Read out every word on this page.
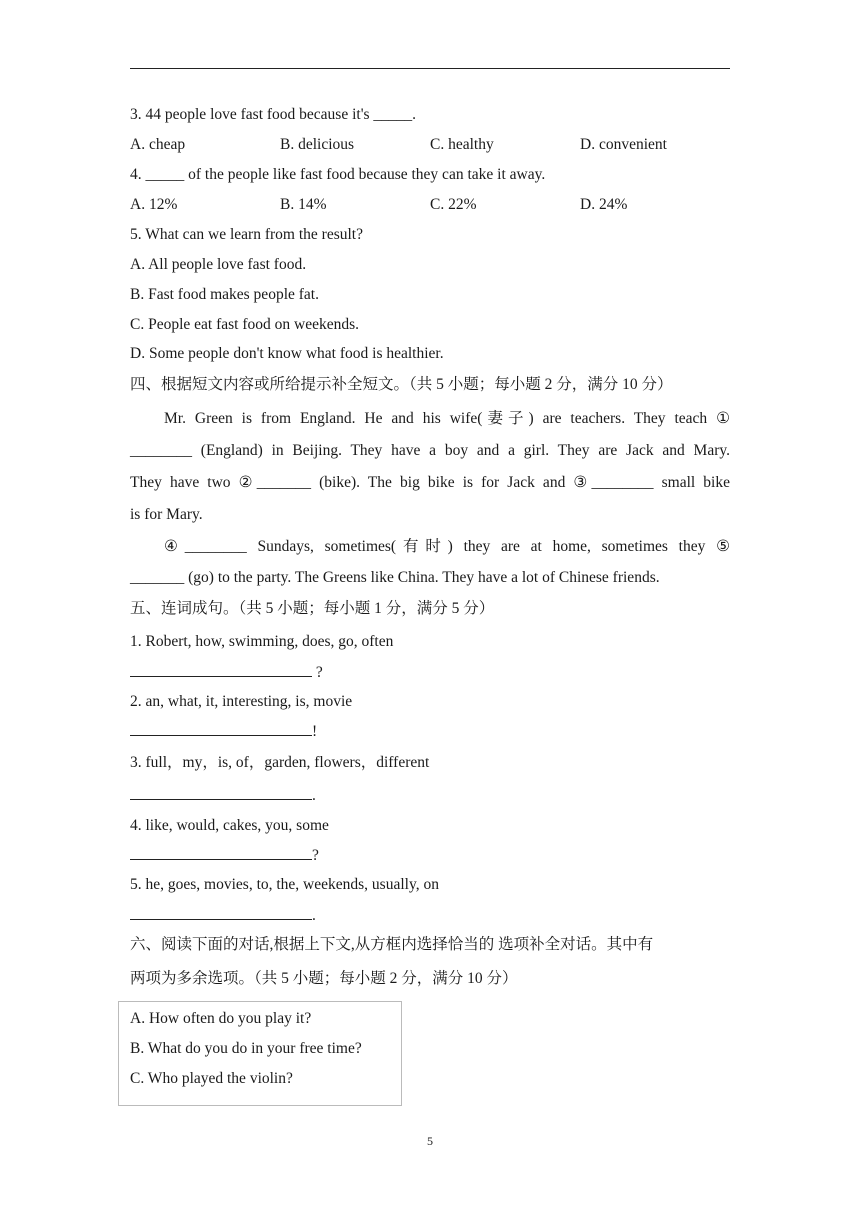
3. 44 people love fast food because it's _____.
A. cheap	B. delicious	C. healthy	D. convenient
4. _____ of the people like fast food because they can take it away.
A. 12%	B. 14%	C. 22%	D. 24%
5. What can we learn from the result?
A. All people love fast food.
B. Fast food makes people fat.
C. People eat fast food on weekends.
D. Some people don't know what food is healthier.
四、根据短文内容或所给提示补全短文。（共 5 小题；每小题 2 分，满分 10 分）
Mr. Green is from England. He and his wife(妻子) are teachers. They teach ①
________ (England) in Beijing. They have a boy and a girl. They are Jack and Mary.
They have two ②_______ (bike). The big bike is for Jack and ③________ small bike
is for Mary.
④________ Sundays, sometimes(有时) they are at home, sometimes they ⑤
_______ (go) to the party. The Greens like China. They have a lot of Chinese friends.
五、连词成句。（共 5 小题；每小题 1 分，满分 5 分）
1. Robert, how, swimming, does, go, often
?
2. an, what, it, interesting, is, movie
!
3. full，my，is, of，garden, flowers，different
.
4. like, would, cakes, you, some
?
5. he, goes, movies, to, the, weekends, usually, on
.
六、阅读下面的对话,根据上下文,从方框内选择恰当的 选项补全对话。其中有
两项为多余选项。（共 5 小题；每小题 2 分，满分 10 分）
A. How often do you play it?
B. What do you do in your free time?
C. Who played the violin?
5
